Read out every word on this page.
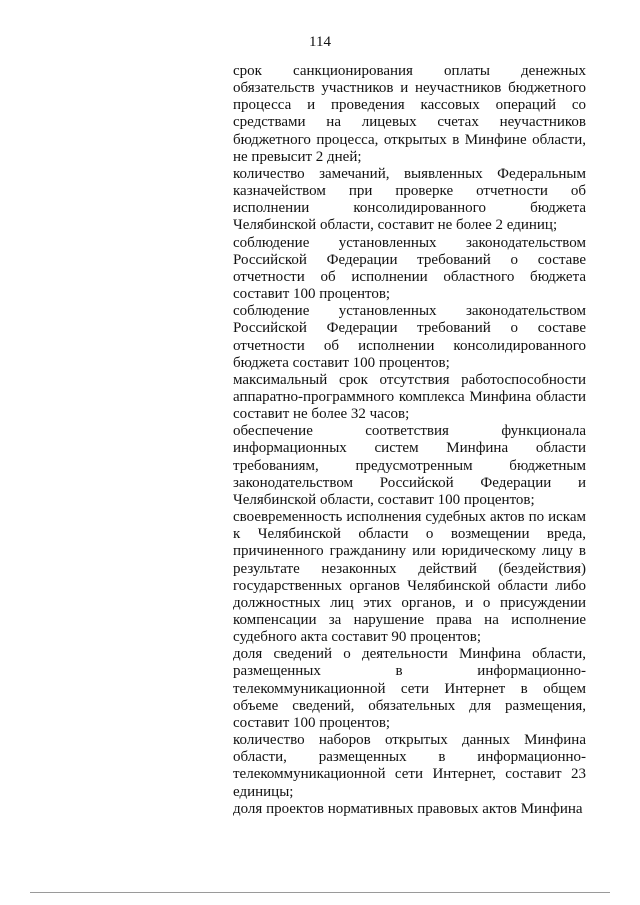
114

срок санкционирования оплаты денежных обязательств участников и неучастников бюджетного процесса и проведения кассовых операций со средствами на лицевых счетах неучастников бюджетного процесса, открытых в Минфине области, не превысит 2 дней;

количество замечаний, выявленных Федеральным казначейством при проверке отчетности об исполнении консолидированного бюджета Челябинской области, составит не более 2 единиц;

соблюдение установленных законодательством Российской Федерации требований о составе отчетности об исполнении областного бюджета составит 100 процентов;

соблюдение установленных законодательством Российской Федерации требований о составе отчетности об исполнении консолидированного бюджета составит 100 процентов;

максимальный срок отсутствия работоспособности аппаратно-программного комплекса Минфина области составит не более 32 часов;

обеспечение соответствия функционала информационных систем Минфина области требованиям, предусмотренным бюджетным законодательством Российской Федерации и Челябинской области, составит 100 процентов;

своевременность исполнения судебных актов по искам к Челябинской области о возмещении вреда, причиненного гражданину или юридическому лицу в результате незаконных действий (бездействия) государственных органов Челябинской области либо должностных лиц этих органов, и о присуждении компенсации за нарушение права на исполнение судебного акта составит 90 процентов;

доля сведений о деятельности Минфина области, размещенных в информационно-телекоммуникационной сети Интернет в общем объеме сведений, обязательных для размещения, составит 100 процентов;

количество наборов открытых данных Минфина области, размещенных в информационно-телекоммуникационной сети Интернет, составит 23 единицы;

доля проектов нормативных правовых актов Минфина
